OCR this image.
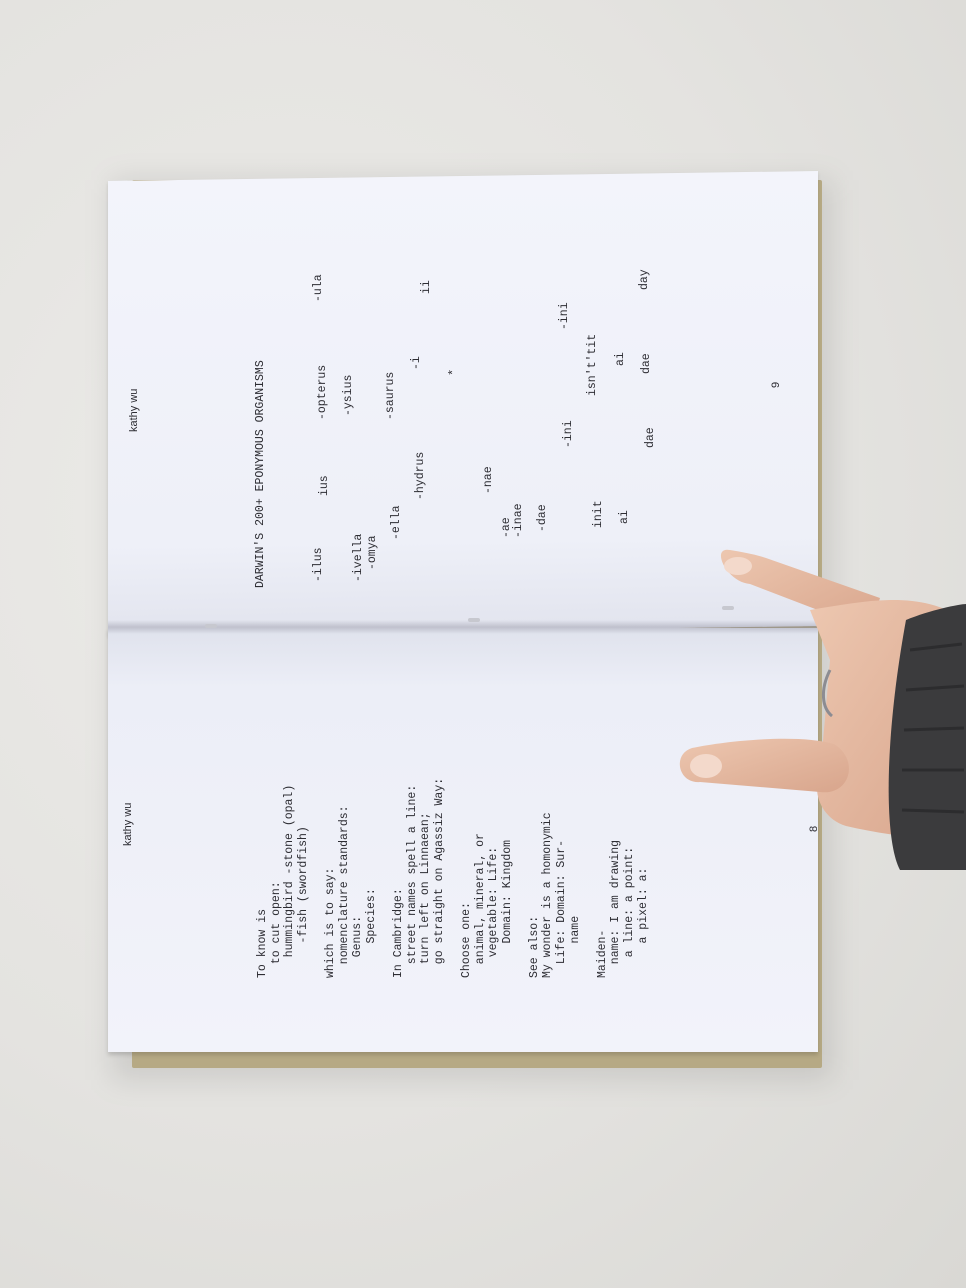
kathy wu	DARWIN'S 200+ EPONYMOUS ORGANISMS	-ilus
ius
-opterus
-ula
-ivella
-ysius
-omya
-ella
-saurus
-hydrus
-i
ii
*
-nae
-ae -inae -dae
-ini
-ini
init
isn't'tit
ai
ai
dae
dae
day
9
kathy wu
To know is to cut open: hummingbird -stone (opal) -fish (swordfish)
which is to say: nomenclature standards: Genus: Species:
In Cambridge: street names spell a line: turn left on Linnaean; go straight on Agassiz Way:
Choose one: animal, mineral, or vegetable: Life: Domain: Kingdom
See also: My wonder is a homonymic Life: Domain: Sur- name
Maiden- name: I am drawing a line: a point: a pixel: a:
8
